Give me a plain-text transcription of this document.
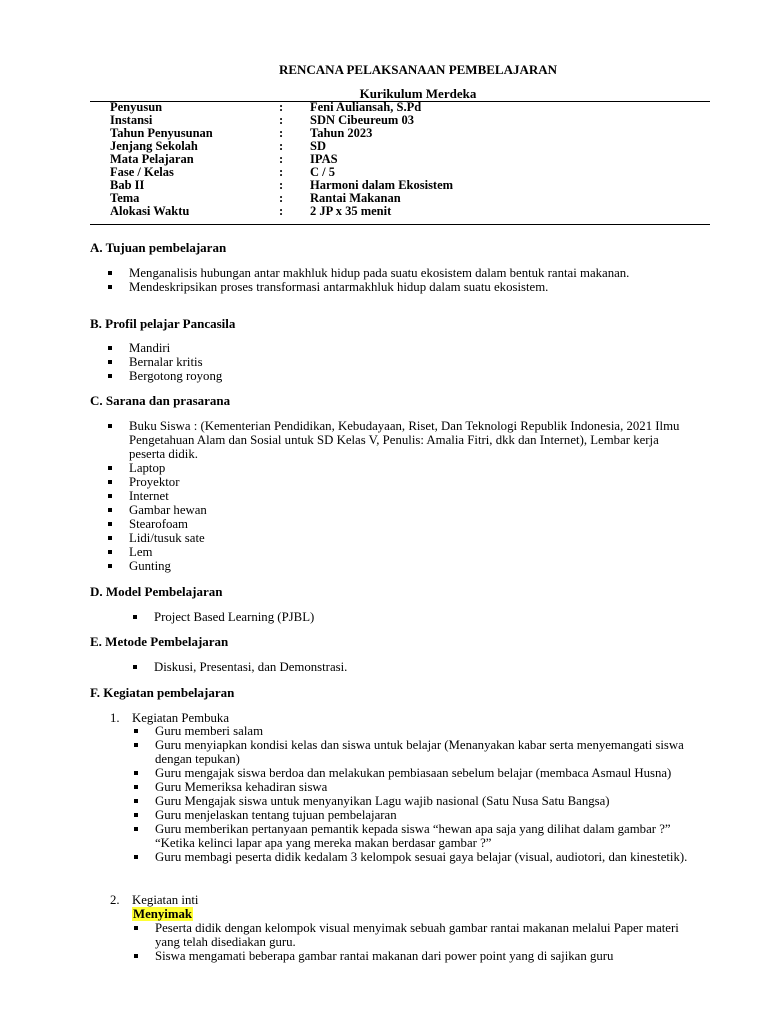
RENCANA PELAKSANAAN PEMBELAJARAN
Kurikulum Merdeka
Penyusun	:	Feni Auliansah, S.Pd
Instansi	:	SDN Cibeureum 03
Tahun Penyusunan	:	Tahun 2023
Jenjang Sekolah	:	SD
Mata Pelajaran	:	IPAS
Fase / Kelas	:	C / 5
Bab II	:	Harmoni dalam Ekosistem
Tema	:	Rantai Makanan
Alokasi Waktu	:	2 JP x 35 menit
A. Tujuan pembelajaran
Menganalisis hubungan antar makhluk hidup pada suatu ekosistem dalam bentuk rantai makanan.
Mendeskripsikan proses transformasi antarmakhluk hidup dalam suatu ekosistem.
B. Profil pelajar Pancasila
Mandiri
Bernalar kritis
Bergotong royong
C. Sarana dan prasarana
Buku Siswa : (Kementerian Pendidikan, Kebudayaan, Riset, Dan Teknologi Republik Indonesia, 2021 Ilmu Pengetahuan Alam dan Sosial untuk SD Kelas V, Penulis: Amalia Fitri, dkk dan Internet), Lembar kerja peserta didik.
Laptop
Proyektor
Internet
Gambar hewan
Stearofoam
Lidi/tusuk sate
Lem
Gunting
D. Model Pembelajaran
Project Based Learning (PJBL)
E. Metode Pembelajaran
Diskusi, Presentasi, dan Demonstrasi.
F. Kegiatan pembelajaran
1. Kegiatan Pembuka
Guru memberi salam
Guru menyiapkan kondisi kelas dan siswa untuk belajar (Menanyakan kabar serta menyemangati siswa dengan tepukan)
Guru mengajak siswa berdoa dan melakukan pembiasaan sebelum belajar (membaca Asmaul Husna)
Guru Memeriksa kehadiran siswa
Guru Mengajak siswa untuk menyanyikan Lagu wajib nasional (Satu Nusa Satu Bangsa)
Guru menjelaskan tentang tujuan pembelajaran
Guru memberikan pertanyaan pemantik kepada siswa “hewan apa saja yang dilihat dalam gambar ?” “Ketika kelinci lapar apa yang mereka makan berdasar gambar ?”
Guru membagi peserta didik kedalam 3 kelompok sesuai gaya belajar (visual, audiotori, dan kinestetik).
2. Kegiatan inti
Menyimak
Peserta didik dengan kelompok visual menyimak sebuah gambar rantai makanan melalui Paper materi yang telah disediakan guru.
Siswa mengamati beberapa gambar rantai makanan dari power point yang di sajikan guru
